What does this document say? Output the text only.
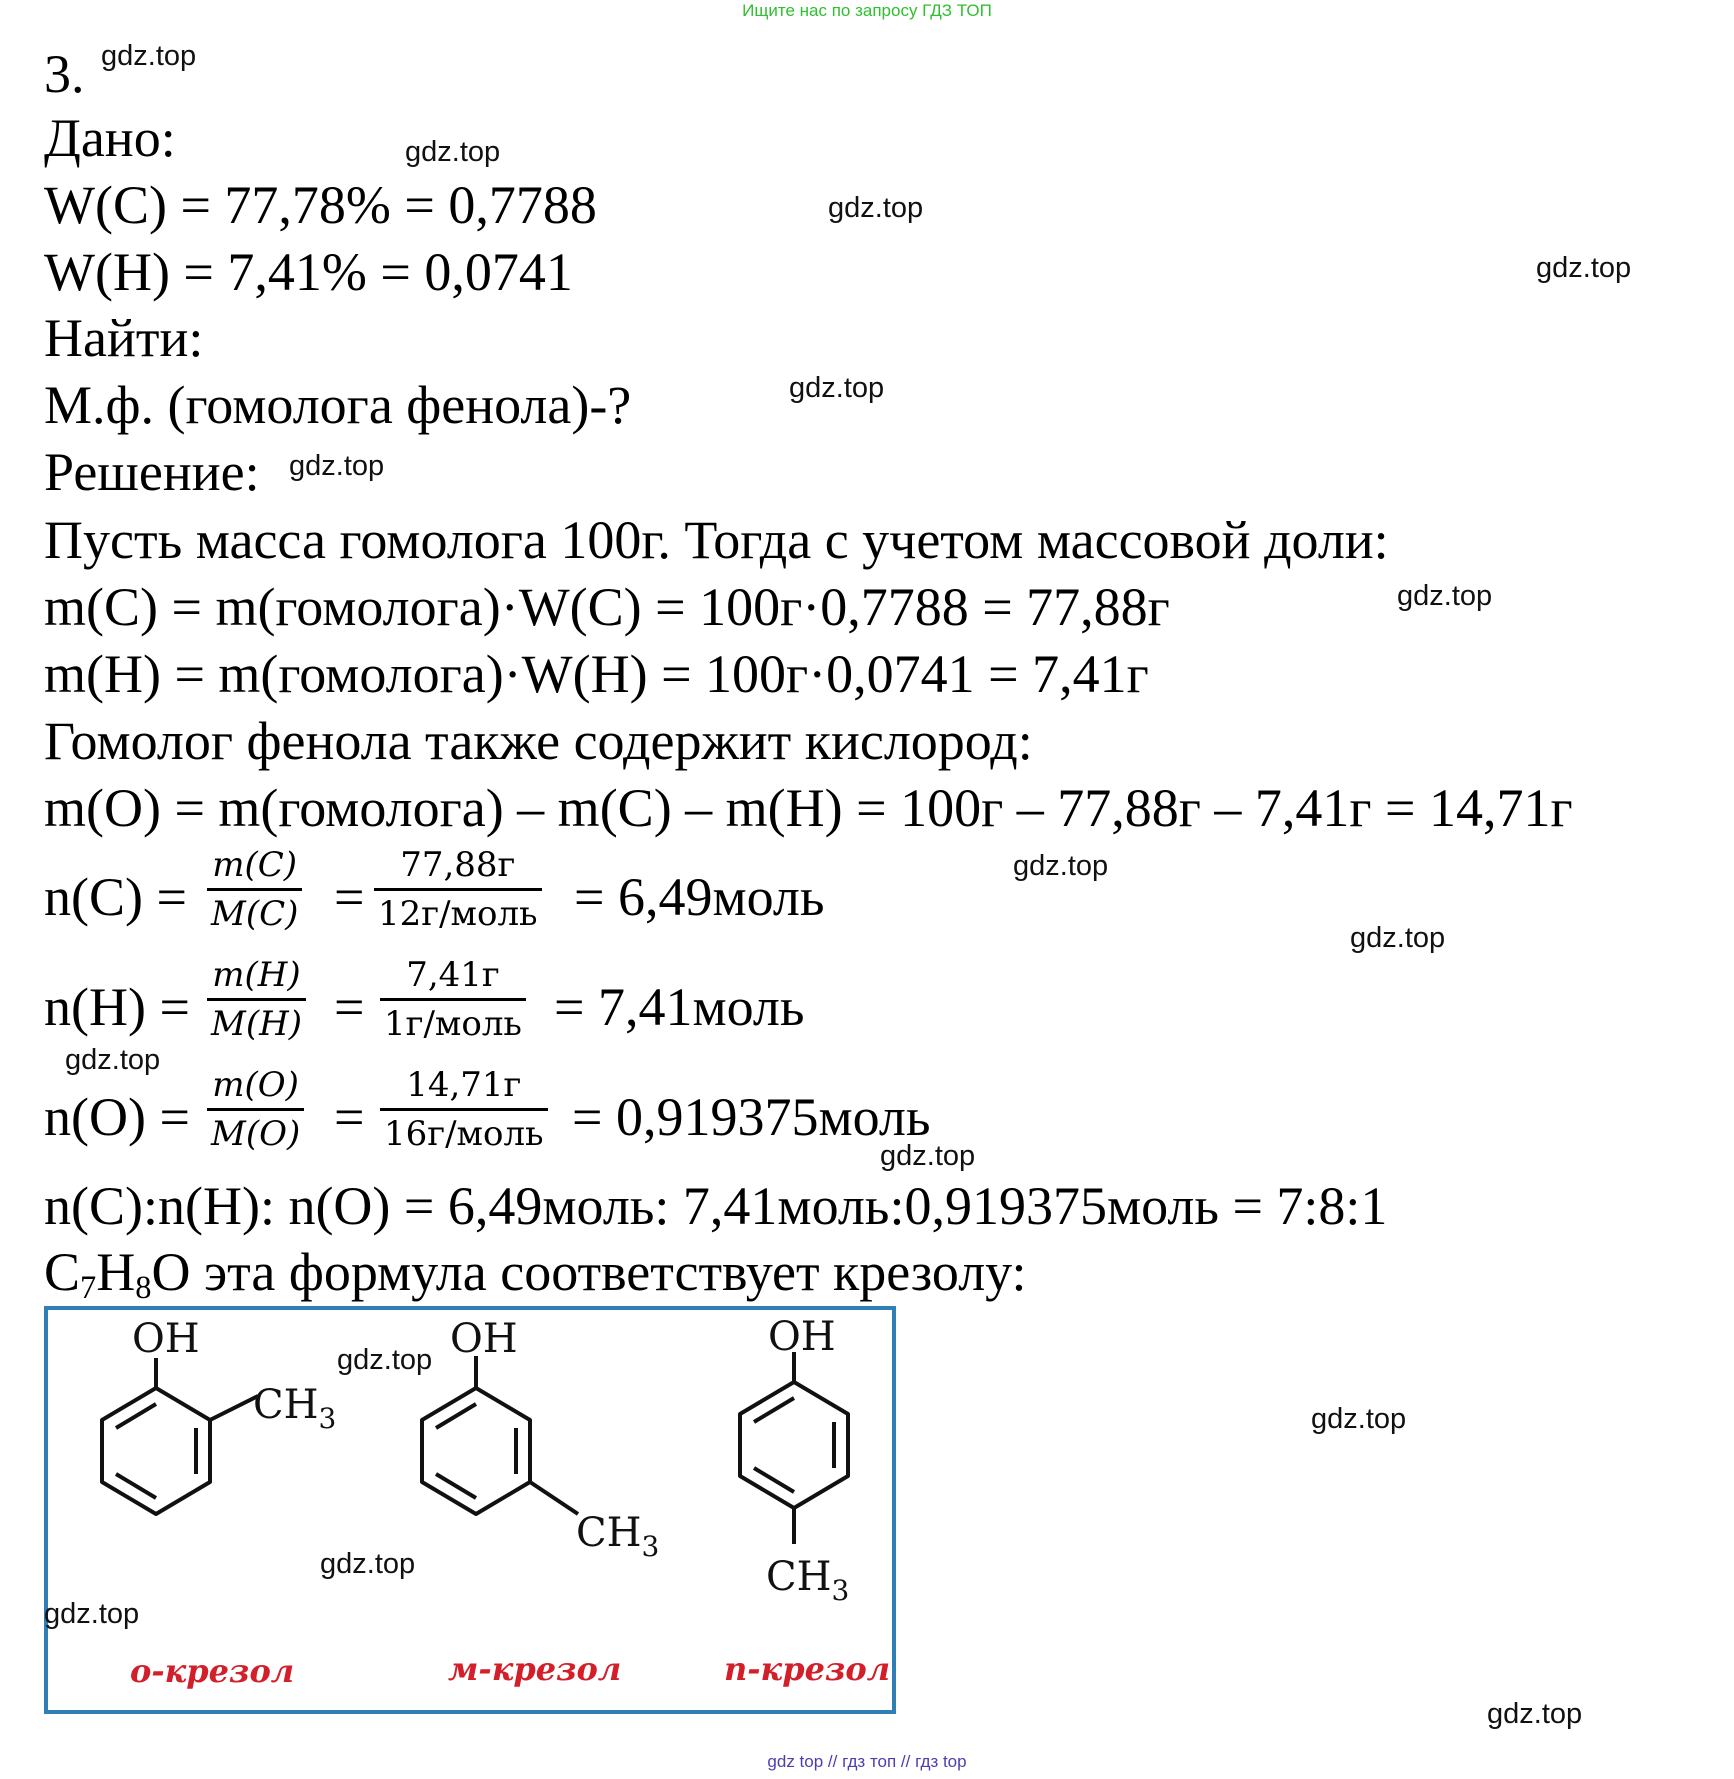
Ищите нас по запросу ГДЗ ТОП
3.
Дано:
W(C) = 77,78% = 0,7788
W(H) = 7,41% = 0,0741
Найти:
М.ф. (гомолога фенола)-?
Решение:
Пусть масса гомолога 100г. Тогда с учетом массовой доли:
m(C) = m(гомолога)·W(C) = 100г·0,7788 = 77,88г
m(H) = m(гомолога)·W(H) = 100г·0,0741 = 7,41г
Гомолог фенола также содержит кислород:
m(O) = m(гомолога) – m(C) – m(H) = 100г – 77,88г – 7,41г = 14,71г
$n(C) = \frac{m(C)}{M(C)}$ =
77,88г
12г/моль = 6,49моль
$n(H) = \frac{m(H)}{M(H)}$ =
7,41г
1г/моль = 7,41моль
$n(O) = \frac{m(O)}{M(O)}$ =
14,71г
16г/моль = 0,919375моль
n(C):n(H): n(O) = 6,49моль: 7,41моль:0,919375моль = 7:8:1
$C_7H_8O$ эта формула соответствует крезолу:
OH
$CH_3$
OH
$CH_3$
OH
$CH_3$
о-крезол	м-крезол	п-крезол
gdz.top
gdz.top
gdz.top
gdz.top
gdz.top
gdz.top
gdz.top
gdz.top
gdz.top
gdz.top
gdz.top
gdz.top
gdz.top
gdz.top
gdz.top
gdz.top
gdz top // гдз топ // гдз top
